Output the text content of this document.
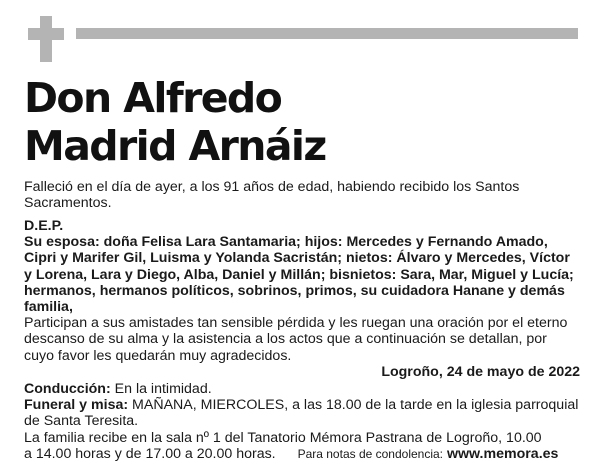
Don Alfredo
Madrid Arnáiz
Falleció en el día de ayer, a los 91 años de edad, habiendo recibido los Santos Sacramentos.
D.E.P.
Su esposa: doña Felisa Lara Santamaria; hijos: Mercedes y Fernando Amado, Cipri y Marifer Gil, Luisma y Yolanda Sacristán; nietos: Álvaro y Mercedes, Víctor y Lorena, Lara y Diego, Alba, Daniel y Millán; bisnietos: Sara, Mar, Miguel y Lucía; hermanos, hermanos políticos, sobrinos, primos, su cuidadora Hanane y demás familia,
Participan a sus amistades tan sensible pérdida y les ruegan una oración por el eterno descanso de su alma y la asistencia a los actos que a continuación se detallan, por cuyo favor les quedarán muy agradecidos.
Logroño, 24 de mayo de 2022
Conducción: En la intimidad.
Funeral y misa: MAÑANA, MIERCOLES, a las 18.00 de la tarde en la iglesia parroquial de Santa Teresita.
La familia recibe en la sala nº 1 del Tanatorio Mémora Pastrana de Logroño, 10.00
a 14.00 horas y de 17.00 a 20.00 horas. Para notas de condolencia: www.memora.es
